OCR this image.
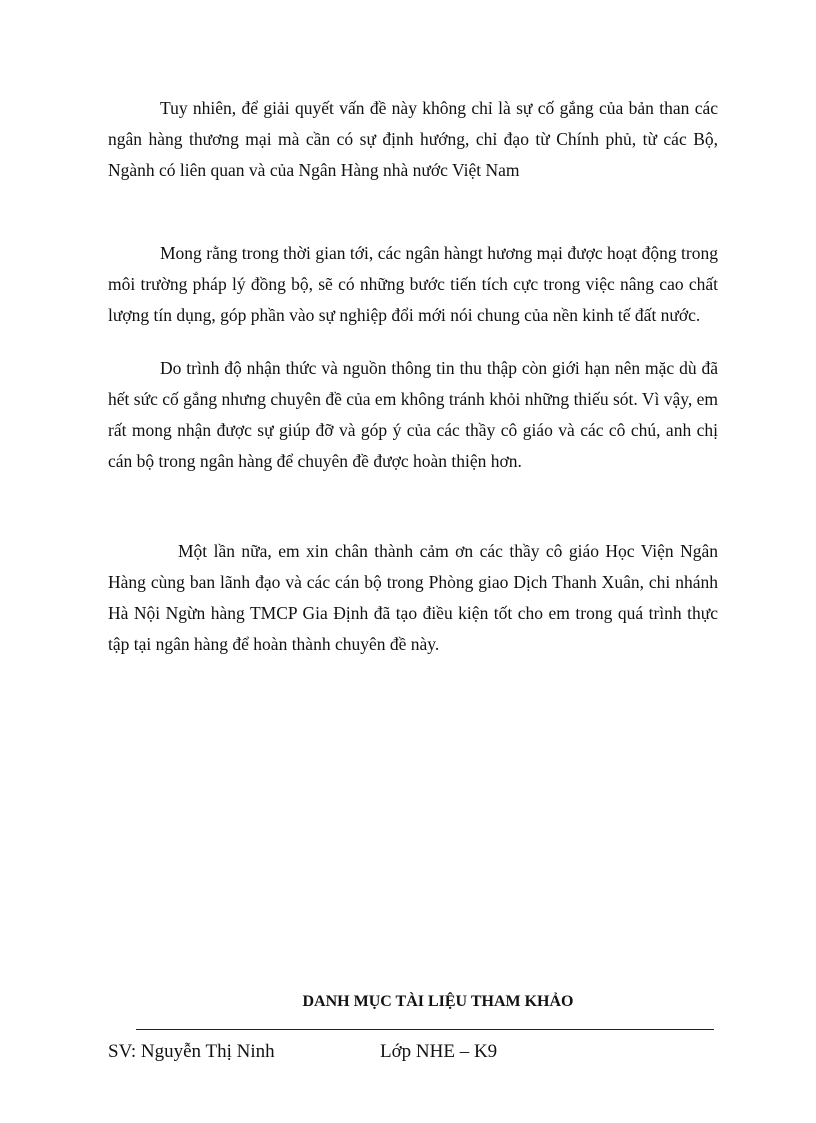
Tuy nhiên, để giải quyết vấn đề này không chỉ là sự cố gắng của bản than các ngân hàng thương mại mà cần có sự định hướng, chỉ đạo từ Chính phủ, từ các Bộ, Ngành có liên quan và của Ngân Hàng nhà nước Việt Nam

Mong rằng trong thời gian tới, các ngân hàngt hương mại được hoạt động trong môi trường pháp lý đồng bộ, sẽ có những bước tiến tích cực trong việc nâng cao chất lượng tín dụng, góp phần vào sự nghiệp đổi mới nói chung của nền kinh tế đất nước.

Do trình độ nhận thức và nguồn thông tin thu thập còn giới hạn nên mặc dù đã hết sức cố gắng nhưng chuyên đề của em không tránh khỏi những thiếu sót. Vì vậy, em rất mong nhận được sự giúp đỡ và góp ý của các thầy cô giáo và các cô chú, anh chị cán bộ trong ngân hàng để chuyên đề được hoàn thiện hơn.

Một lần nữa, em xin chân thành cảm ơn các thầy cô giáo Học Viện Ngân Hàng cùng ban lãnh đạo và các cán bộ trong Phòng giao Dịch Thanh Xuân, chi nhánh Hà Nội Ngừn hàng TMCP Gia Định đã tạo điều kiện tốt cho em trong quá trình thực tập tại ngân hàng để hoàn thành chuyên đề này.

DANH MỤC TÀI LIỆU THAM KHẢO
SV: Nguyễn Thị Ninh	Lớp NHE – K9
